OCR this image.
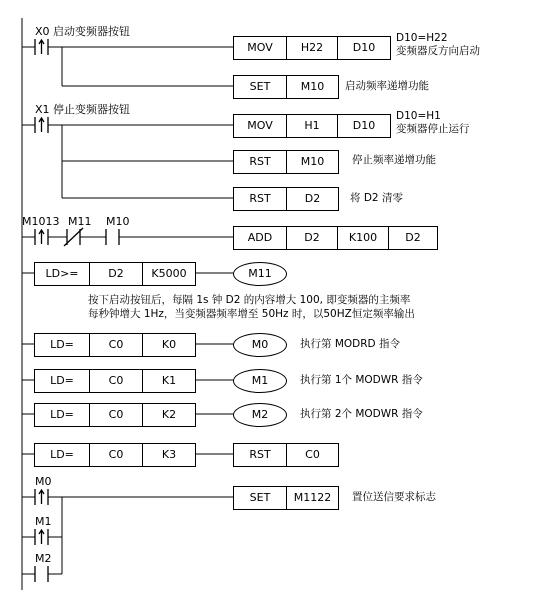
X0 启动变频器按钮
X1 停止变频器按钮
M1013 M11 M10
M0
M1
M2
MOV	H22	D10
D10=H22
变频器反方向启动
SET	M10	启动频率递增功能
MOV	H1	D10
D10=H1
变频器停止运行
RST	M10	停止频率递增功能
RST	D2	将 D2 清零
ADD	D2	K100	D2
LD>=	D2	K5000	M11
按下启动按钮后，每隔 1s 钟 D2 的内容增大 100, 即变频器的主频率
每秒钟增大 1Hz，当变频器频率增至 50Hz 时，以50HZ恒定频率输出
LD=	C0	K0	M0	执行第 MODRD 指令
LD=	C0	K1	M1	执行第 1个 MODWR 指令
LD=	C0	K2	M2	执行第 2个 MODWR 指令
LD=	C0	K3	RST	C0
SET	M1122	置位送信要求标志
